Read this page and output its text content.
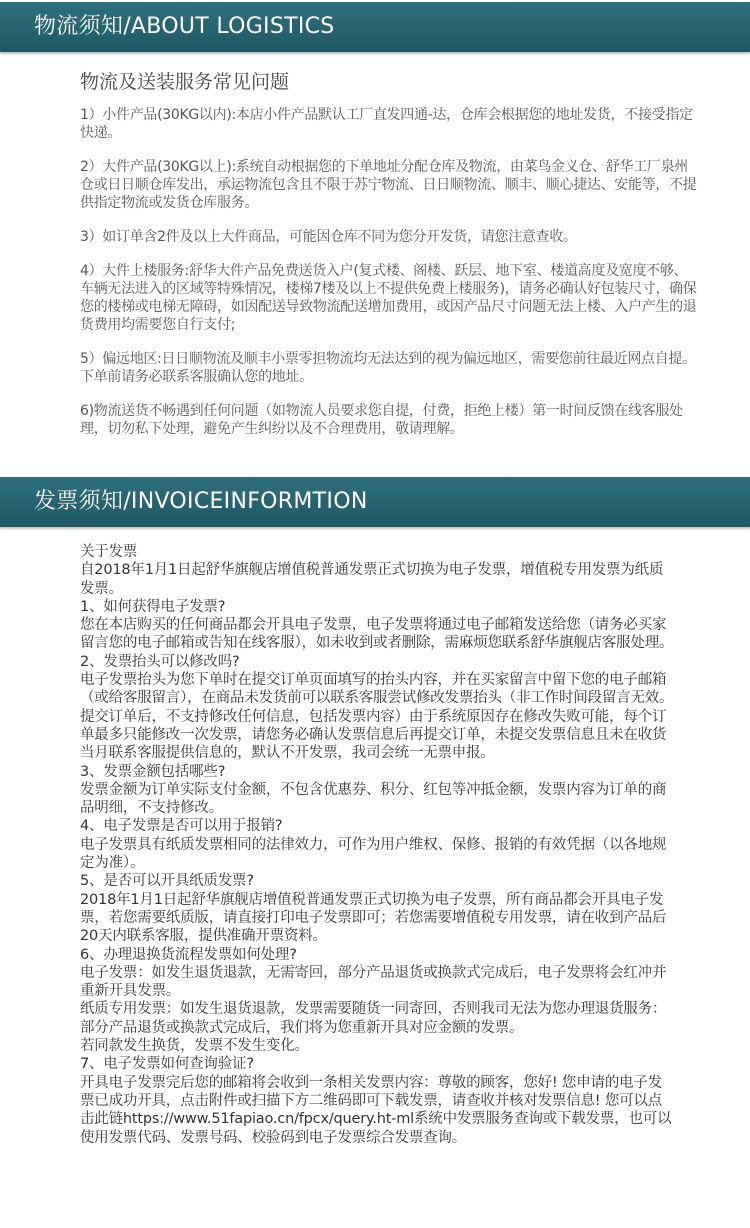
物流须知/ABOUT LOGISTICS
物流及送装服务常见问题
1）小件产品(30KG以内):本店小件产品默认工厂直发四通-达，仓库会根据您的地址发货，不接受指定快递。
2）大件产品(30KG以上):系统自动根据您的下单地址分配仓库及物流，由菜鸟金义仓、舒华工厂泉州仓或日日顺仓库发出，承运物流包含且不限于苏宁物流、日日顺物流、顺丰、顺心捷达、安能等，不提供指定物流或发货仓库服务。
3）如订单含2件及以上大件商品，可能因仓库不同为您分开发货，请您注意查收。
4）大件上楼服务:舒华大件产品免费送货入户(复式楼、阁楼、跃层、地下室、楼道高度及宽度不够、车辆无法进入的区域等特殊情况，楼梯7楼及以上不提供免费上楼服务)，请务必确认好包装尺寸，确保您的楼梯或电梯无障碍，如因配送导致物流配送增加费用，或因产品尺寸问题无法上楼、入户产生的退货费用均需要您自行支付;
5）偏远地区:日日顺物流及顺丰小票零担物流均无法达到的视为偏远地区，需要您前往最近网点自提。下单前请务必联系客服确认您的地址。
6)物流送货不畅遇到任何问题（如物流人员要求您自提，付费，拒绝上楼）第一时间反馈在线客服处理，切勿私下处理，避免产生纠纷以及不合理费用，敬请理解。
发票须知/INVOICEINFORMTION
关于发票
自2018年1月1日起舒华旗舰店增值税普通发票正式切换为电子发票，增值税专用发票为纸质发票。
1、如何获得电子发票?
您在本店购买的任何商品都会开具电子发票，电子发票将通过电子邮箱发送给您（请务必买家留言您的电子邮箱或告知在线客服），如未收到或者删除，需麻烦您联系舒华旗舰店客服处理。
2、发票抬头可以修改吗?
电子发票抬头为您下单时在提交订单页面填写的抬头内容，并在买家留言中留下您的电子邮箱（或给客服留言），在商品未发货前可以联系客服尝试修改发票抬头（非工作时间段留言无效。提交订单后，不支持修改任何信息，包括发票内容）由于系统原因存在修改失败可能，每个订单最多只能修改一次发票，请您务必确认发票信息后再提交订单，未提交发票信息且未在收货当月联系客服提供信息的，默认不开发票，我司会统一无票申报。
3、发票金额包括哪些?
发票金额为订单实际支付金额，不包含优惠券、积分、红包等冲抵金额，发票内容为订单的商品明细，不支持修改。
4、电子发票是否可以用于报销?
电子发票具有纸质发票相同的法律效力，可作为用户维权、保修、报销的有效凭据（以各地规定为准）。
5、是否可以开具纸质发票?
2018年1月1日起舒华旗舰店增值税普通发票正式切换为电子发票，所有商品都会开具电子发票，若您需要纸质版，请直接打印电子发票即可；若您需要增值税专用发票，请在收到产品后20天内联系客服，提供准确开票资料。
6、办理退换货流程发票如何处理?
电子发票：如发生退货退款，无需寄回，部分产品退货或换款式完成后，电子发票将会红冲并重新开具发票。
纸质专用发票：如发生退货退款，发票需要随货一同寄回，否则我司无法为您办理退货服务：部分产品退货或换款式完成后，我们将为您重新开具对应金额的发票。
若同款发生换货，发票不发生变化。
7、电子发票如何查询验证?
开具电子发票完后您的邮箱将会收到一条相关发票内容：尊敬的顾客，您好! 您申请的电子发票已成功开具，点击附件或扫描下方二维码即可下载发票，请查收并核对发票信息! 您可以点击此链https://www.51fapiao.cn/fpcx/query.ht-ml系统中发票服务查询或下载发票，也可以使用发票代码、发票号码、校验码到电子发票综合发票查询。
